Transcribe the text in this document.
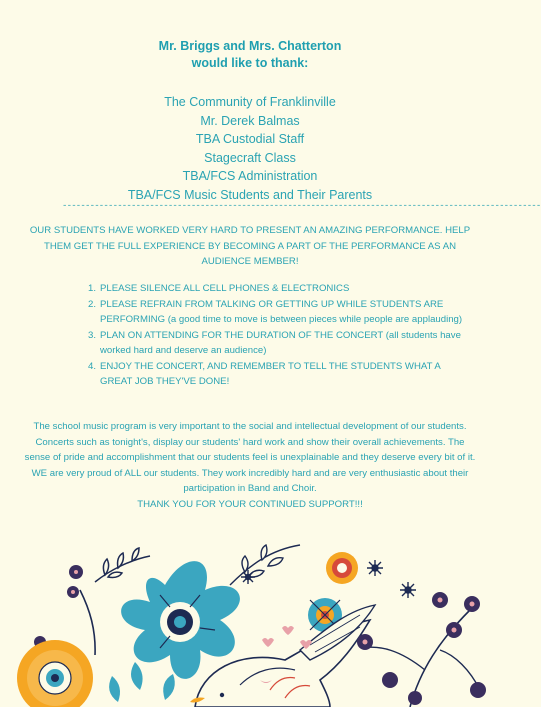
Mr. Briggs and Mrs. Chatterton
would like to thank:
The Community of Franklinville
Mr. Derek Balmas
TBA Custodial Staff
Stagecraft Class
TBA/FCS Administration
TBA/FCS Music Students and Their Parents
--------------------------------------------------------------------------------------------------------
OUR STUDENTS HAVE WORKED VERY HARD TO PRESENT AN AMAZING PERFORMANCE. HELP THEM GET THE FULL EXPERIENCE BY BECOMING A PART OF THE PERFORMANCE AS AN AUDIENCE MEMBER!
1. PLEASE SILENCE ALL CELL PHONES & ELECTRONICS
2. PLEASE REFRAIN FROM TALKING OR GETTING UP WHILE STUDENTS ARE PERFORMING (a good time to move is between pieces while people are applauding)
3. PLAN ON ATTENDING FOR THE DURATION OF THE CONCERT (all students have worked hard and deserve an audience)
4. ENJOY THE CONCERT, AND REMEMBER TO TELL THE STUDENTS WHAT A GREAT JOB THEY'VE DONE!
The school music program is very important to the social and intellectual development of our students. Concerts such as tonight's, display our students' hard work and show their overall achievements. The sense of pride and accomplishment that our students feel is unexplainable and they deserve every bit of it. WE are very proud of ALL our students. They work incredibly hard and are very enthusiastic about their participation in Band and Choir.
THANK YOU FOR YOUR CONTINUED SUPPORT!!!
